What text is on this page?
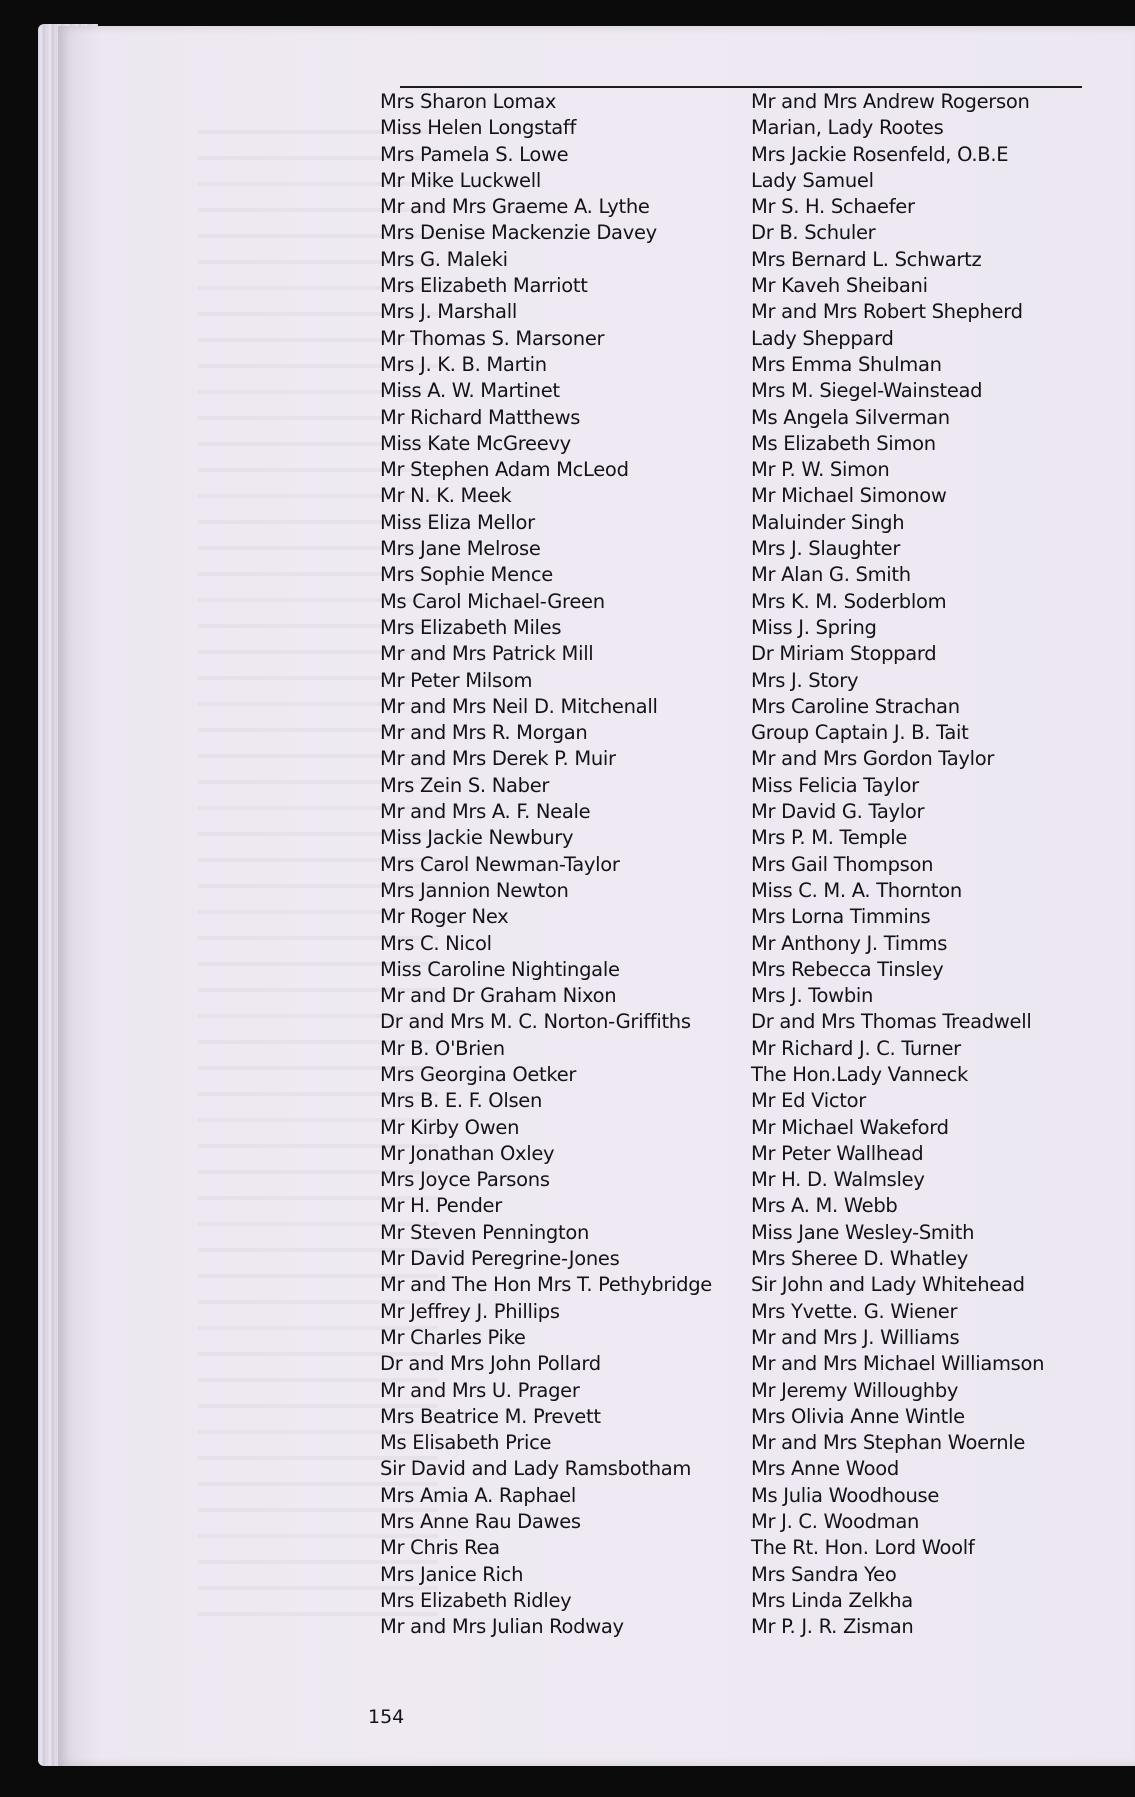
Mrs Sharon Lomax
Miss Helen Longstaff
Mrs Pamela S. Lowe
Mr Mike Luckwell
Mr and Mrs Graeme A. Lythe
Mrs Denise Mackenzie Davey
Mrs G. Maleki
Mrs Elizabeth Marriott
Mrs J. Marshall
Mr Thomas S. Marsoner
Mrs J. K. B. Martin
Miss A. W. Martinet
Mr Richard Matthews
Miss Kate McGreevy
Mr Stephen Adam McLeod
Mr N. K. Meek
Miss Eliza Mellor
Mrs Jane Melrose
Mrs Sophie Mence
Ms Carol Michael-Green
Mrs Elizabeth Miles
Mr and Mrs Patrick Mill
Mr Peter Milsom
Mr and Mrs Neil D. Mitchenall
Mr and Mrs R. Morgan
Mr and Mrs Derek P. Muir
Mrs Zein S. Naber
Mr and Mrs A. F. Neale
Miss Jackie Newbury
Mrs Carol Newman-Taylor
Mrs Jannion Newton
Mr Roger Nex
Mrs C. Nicol
Miss Caroline Nightingale
Mr and Dr Graham Nixon
Dr and Mrs M. C. Norton-Griffiths
Mr B. O'Brien
Mrs Georgina Oetker
Mrs B. E. F. Olsen
Mr Kirby Owen
Mr Jonathan Oxley
Mrs Joyce Parsons
Mr H. Pender
Mr Steven Pennington
Mr David Peregrine-Jones
Mr and The Hon Mrs T. Pethybridge
Mr Jeffrey J. Phillips
Mr Charles Pike
Dr and Mrs John Pollard
Mr and Mrs U. Prager
Mrs Beatrice M. Prevett
Ms Elisabeth Price
Sir David and Lady Ramsbotham
Mrs Amia A. Raphael
Mrs Anne Rau Dawes
Mr Chris Rea
Mrs Janice Rich
Mrs Elizabeth Ridley
Mr and Mrs Julian Rodway
Mr and Mrs Andrew Rogerson
Marian, Lady Rootes
Mrs Jackie Rosenfeld, O.B.E
Lady Samuel
Mr S. H. Schaefer
Dr B. Schuler
Mrs Bernard L. Schwartz
Mr Kaveh Sheibani
Mr and Mrs Robert Shepherd
Lady Sheppard
Mrs Emma Shulman
Mrs M. Siegel-Wainstead
Ms Angela Silverman
Ms Elizabeth Simon
Mr P. W. Simon
Mr Michael Simonow
Maluinder Singh
Mrs J. Slaughter
Mr Alan G. Smith
Mrs K. M. Soderblom
Miss J. Spring
Dr Miriam Stoppard
Mrs J. Story
Mrs Caroline Strachan
Group Captain J. B. Tait
Mr and Mrs Gordon Taylor
Miss Felicia Taylor
Mr David G. Taylor
Mrs P. M. Temple
Mrs Gail Thompson
Miss C. M. A. Thornton
Mrs Lorna Timmins
Mr Anthony J. Timms
Mrs Rebecca Tinsley
Mrs J. Towbin
Dr and Mrs Thomas Treadwell
Mr Richard J. C. Turner
The Hon.Lady Vanneck
Mr Ed Victor
Mr Michael Wakeford
Mr Peter Wallhead
Mr H. D. Walmsley
Mrs A. M. Webb
Miss Jane Wesley-Smith
Mrs Sheree D. Whatley
Sir John and Lady Whitehead
Mrs Yvette. G. Wiener
Mr and Mrs J. Williams
Mr and Mrs Michael Williamson
Mr Jeremy Willoughby
Mrs Olivia Anne Wintle
Mr and Mrs Stephan Woernle
Mrs Anne Wood
Ms Julia Woodhouse
Mr J. C. Woodman
The Rt. Hon. Lord Woolf
Mrs Sandra Yeo
Mrs Linda Zelkha
Mr P. J. R. Zisman
154
